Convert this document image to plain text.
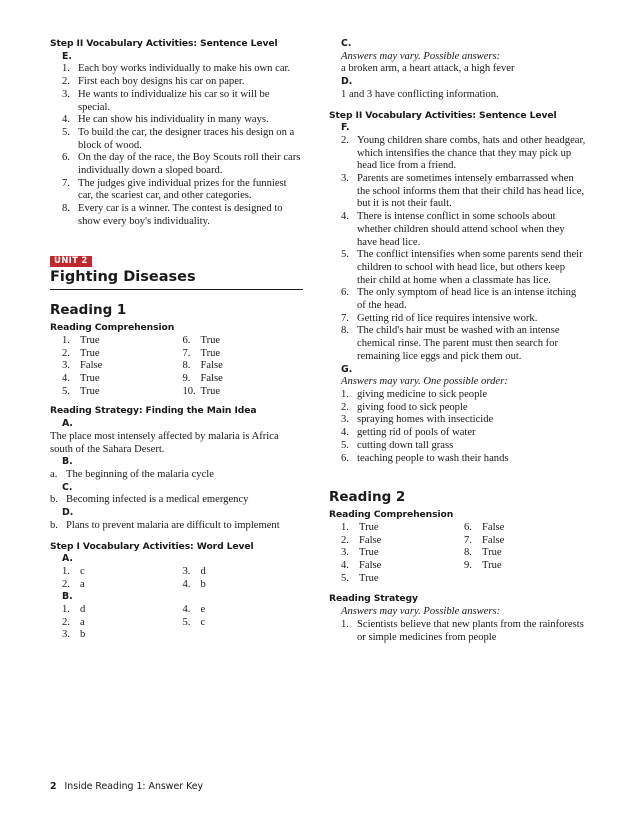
Step II Vocabulary Activities: Sentence Level
E.
1. Each boy works individually to make his own car.
2. First each boy designs his car on paper.
3. He wants to individualize his car so it will be special.
4. He can show his individuality in many ways.
5. To build the car, the designer traces his design on a block of wood.
6. On the day of the race, the Boy Scouts roll their cars individually down a sloped board.
7. The judges give individual prizes for the funniest car, the scariest car, and other categories.
8. Every car is a winner. The contest is designed to show every boy's individuality.
UNIT 2
Fighting Diseases
Reading 1
Reading Comprehension
1. True	6. True
2. True	7. True
3. False	8. False
4. True	9. False
5. True	10. True
Reading Strategy: Finding the Main Idea
A.
The place most intensely affected by malaria is Africa south of the Sahara Desert.
B.
a. The beginning of the malaria cycle
C.
b. Becoming infected is a medical emergency
D.
b. Plans to prevent malaria are difficult to implement
Step I Vocabulary Activities: Word Level
A.
1. c	3. d
2. a	4. b
B.
1. d	4. e
2. a	5. c
3. b
C.
Answers may vary. Possible answers:
a broken arm, a heart attack, a high fever
D.
1 and 3 have conflicting information.
Step II Vocabulary Activities: Sentence Level
F.
2. Young children share combs, hats and other headgear, which intensifies the chance that they may pick up head lice from a friend.
3. Parents are sometimes intensely embarrassed when the school informs them that their child has head lice, but it is not their fault.
4. There is intense conflict in some schools about whether children should attend school when they have head lice.
5. The conflict intensifies when some parents send their children to school with head lice, but others keep their child at home when a classmate has lice.
6. The only symptom of head lice is an intense itching of the head.
7. Getting rid of lice requires intensive work.
8. The child's hair must be washed with an intense chemical rinse. The parent must then search for remaining lice eggs and pick them out.
G.
Answers may vary. One possible order:
1. giving medicine to sick people
2. giving food to sick people
3. spraying homes with insecticide
4. getting rid of pools of water
5. cutting down tall grass
6. teaching people to wash their hands
Reading 2
Reading Comprehension
1. True	6. False
2. False	7. False
3. True	8. True
4. False	9. True
5. True
Reading Strategy
Answers may vary. Possible answers:
1. Scientists believe that new plants from the rainforests or simple medicines from people
2 Inside Reading 1: Answer Key
